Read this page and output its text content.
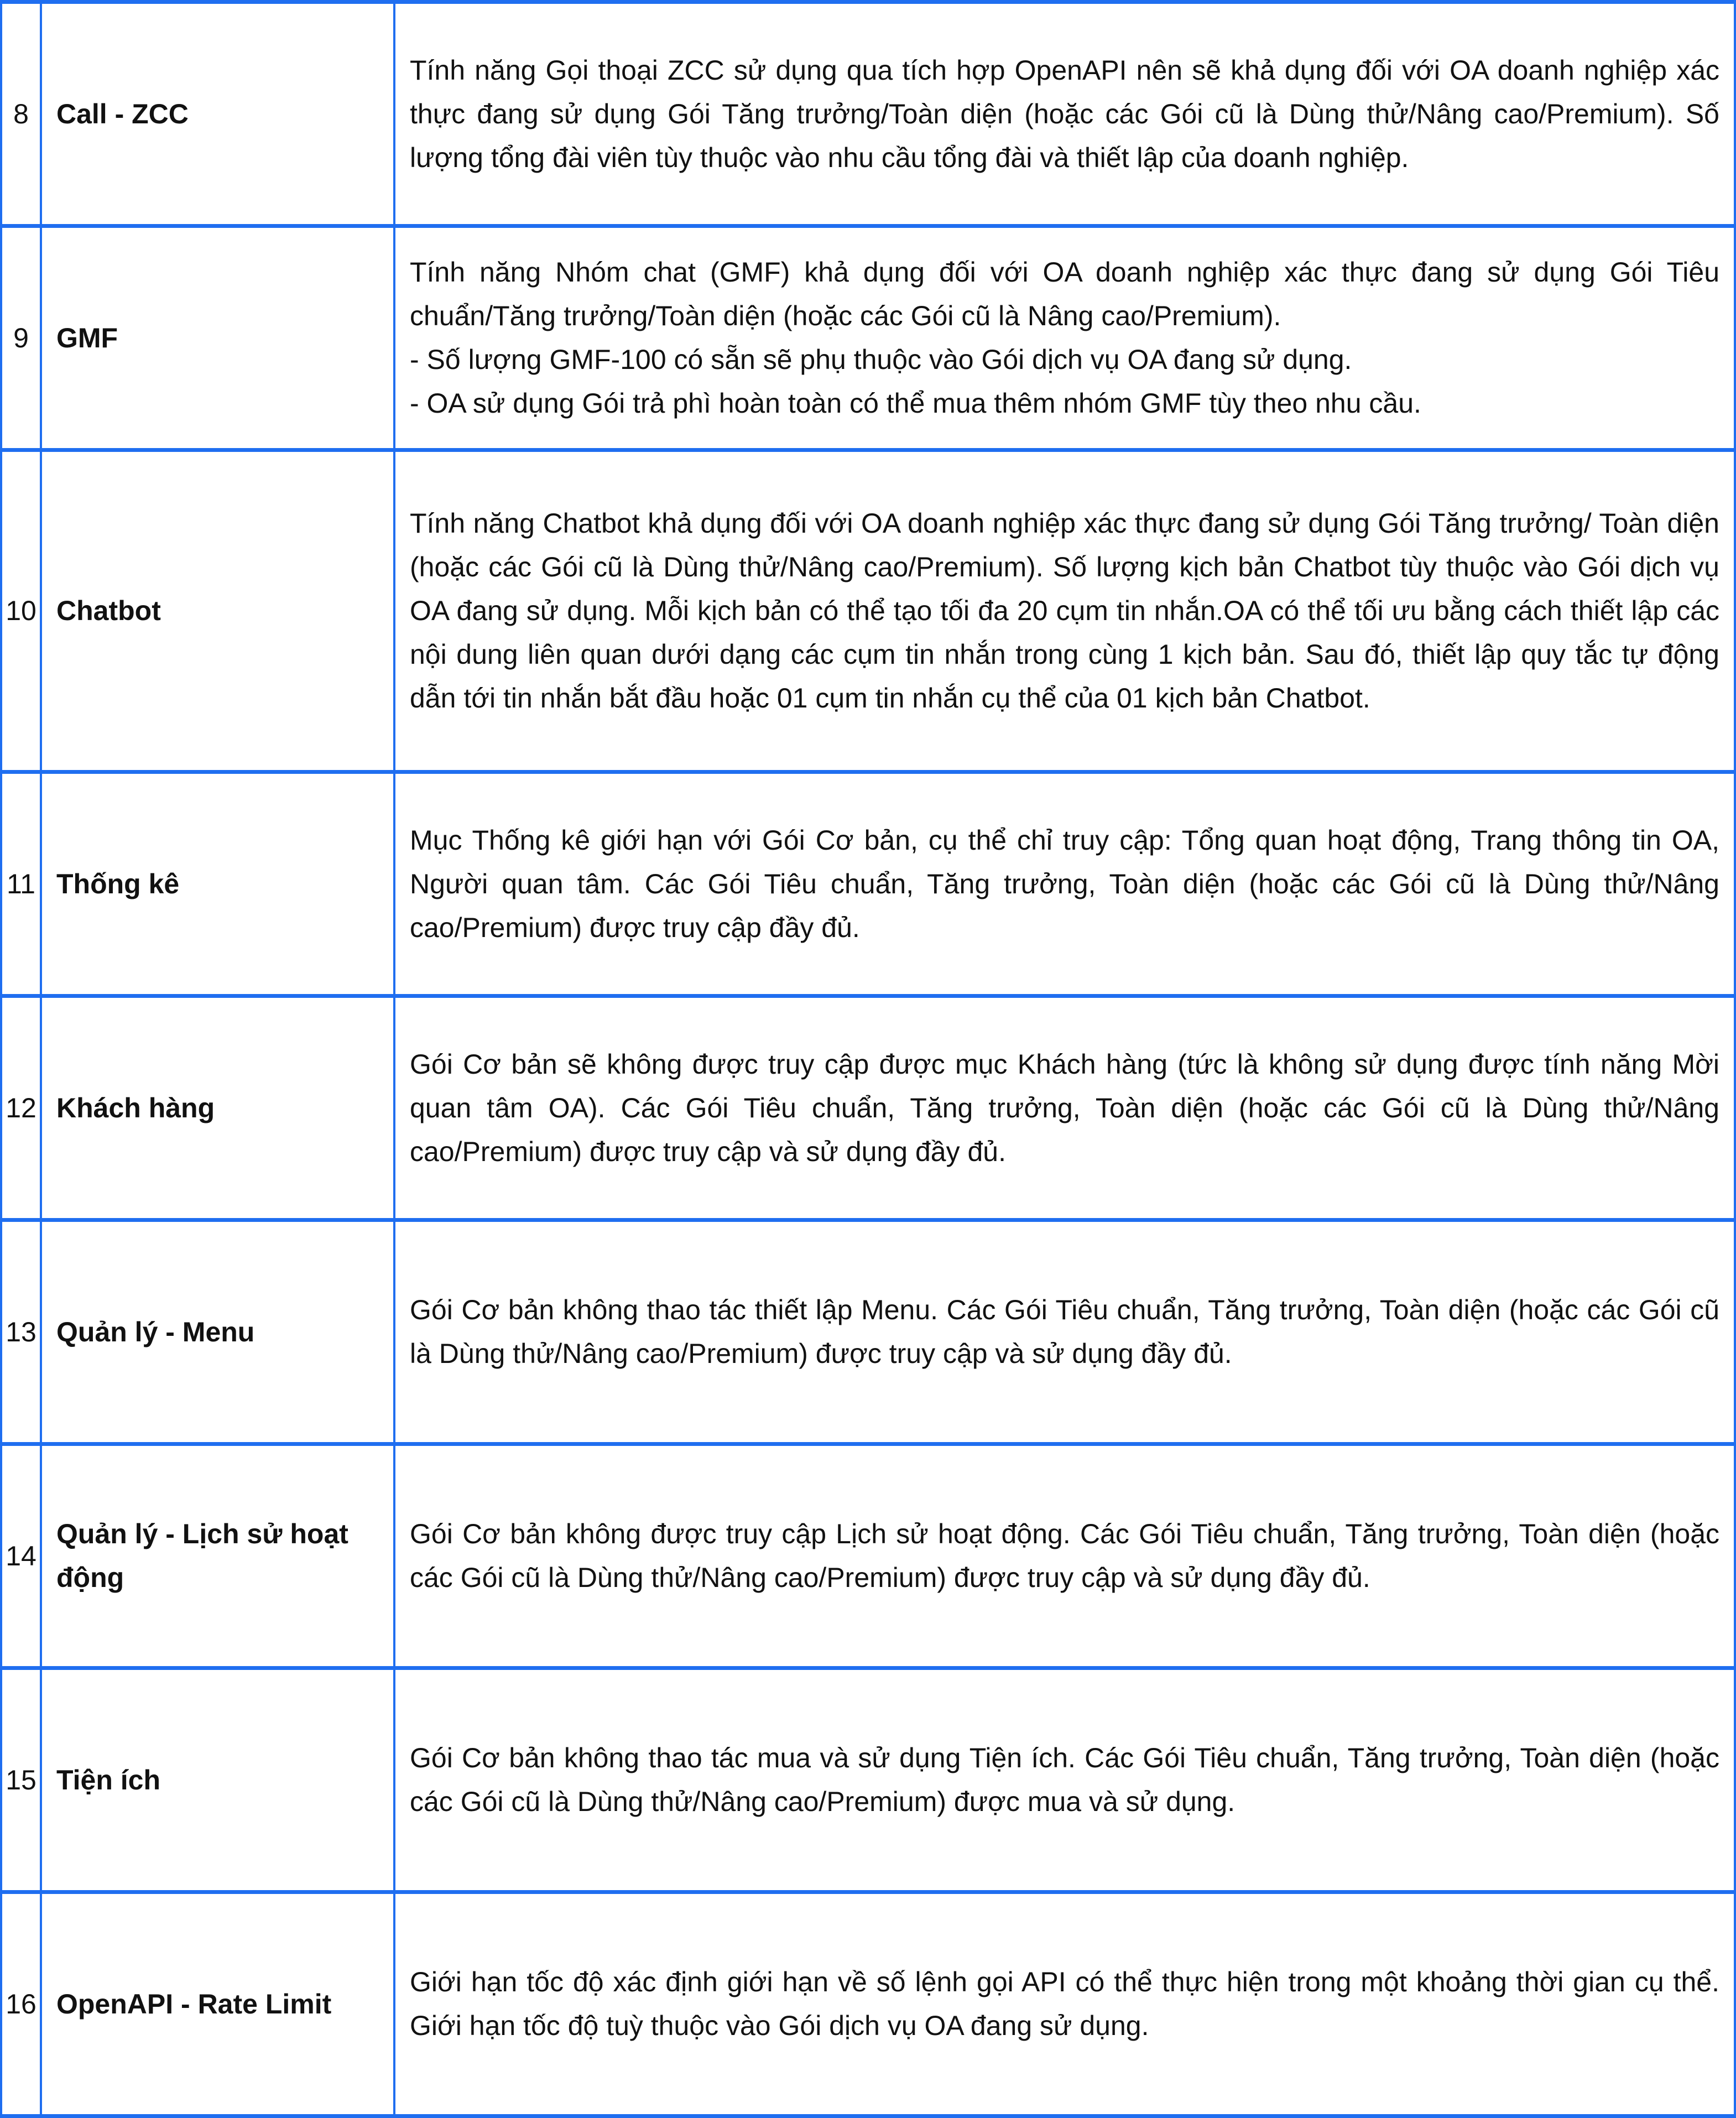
8	Call - ZCC	Tính năng Gọi thoại ZCC sử dụng qua tích hợp OpenAPI nên sẽ khả dụng đối với OA doanh nghiệp xác thực đang sử dụng Gói Tăng trưởng/Toàn diện (hoặc các Gói cũ là Dùng thử/Nâng cao/Premium). Số lượng tổng đài viên tùy thuộc vào nhu cầu tổng đài và thiết lập của doanh nghiệp.

9	GMF	Tính năng Nhóm chat (GMF) khả dụng đối với OA doanh nghiệp xác thực đang sử dụng Gói Tiêu chuẩn/Tăng trưởng/Toàn diện (hoặc các Gói cũ là Nâng cao/Premium).
- Số lượng GMF-100 có sẵn sẽ phụ thuộc vào Gói dịch vụ OA đang sử dụng.
- OA sử dụng Gói trả phì hoàn toàn có thể mua thêm nhóm GMF tùy theo nhu cầu.

10	Chatbot	Tính năng Chatbot khả dụng đối với OA doanh nghiệp xác thực đang sử dụng Gói Tăng trưởng/ Toàn diện (hoặc các Gói cũ là Dùng thử/Nâng cao/Premium). Số lượng kịch bản Chatbot tùy thuộc vào Gói dịch vụ OA đang sử dụng. Mỗi kịch bản có thể tạo tối đa 20 cụm tin nhắn.OA có thể tối ưu bằng cách thiết lập các nội dung liên quan dưới dạng các cụm tin nhắn trong cùng 1 kịch bản. Sau đó, thiết lập quy tắc tự động dẫn tới tin nhắn bắt đầu hoặc 01 cụm tin nhắn cụ thể của 01 kịch bản Chatbot.

11	Thống kê	Mục Thống kê giới hạn với Gói Cơ bản, cụ thể chỉ truy cập: Tổng quan hoạt động, Trang thông tin OA, Người quan tâm. Các Gói Tiêu chuẩn, Tăng trưởng, Toàn diện (hoặc các Gói cũ là Dùng thử/Nâng cao/Premium) được truy cập đầy đủ.

12	Khách hàng	Gói Cơ bản sẽ không được truy cập được mục Khách hàng (tức là không sử dụng được tính năng Mời quan tâm OA). Các Gói Tiêu chuẩn, Tăng trưởng, Toàn diện (hoặc các Gói cũ là Dùng thử/Nâng cao/Premium) được truy cập và sử dụng đầy đủ.

13	Quản lý - Menu	Gói Cơ bản không thao tác thiết lập Menu. Các Gói Tiêu chuẩn, Tăng trưởng, Toàn diện (hoặc các Gói cũ là Dùng thử/Nâng cao/Premium) được truy cập và sử dụng đầy đủ.

14	Quản lý - Lịch sử hoạt động	Gói Cơ bản không được truy cập Lịch sử hoạt động. Các Gói Tiêu chuẩn, Tăng trưởng, Toàn diện (hoặc các Gói cũ là Dùng thử/Nâng cao/Premium) được truy cập và sử dụng đầy đủ.

15	Tiện ích	Gói Cơ bản không thao tác mua và sử dụng Tiện ích. Các Gói Tiêu chuẩn, Tăng trưởng, Toàn diện (hoặc các Gói cũ là Dùng thử/Nâng cao/Premium) được mua và sử dụng.

16	OpenAPI - Rate Limit	Giới hạn tốc độ xác định giới hạn về số lệnh gọi API có thể thực hiện trong một khoảng thời gian cụ thể. Giới hạn tốc độ tuỳ thuộc vào Gói dịch vụ OA đang sử dụng.
